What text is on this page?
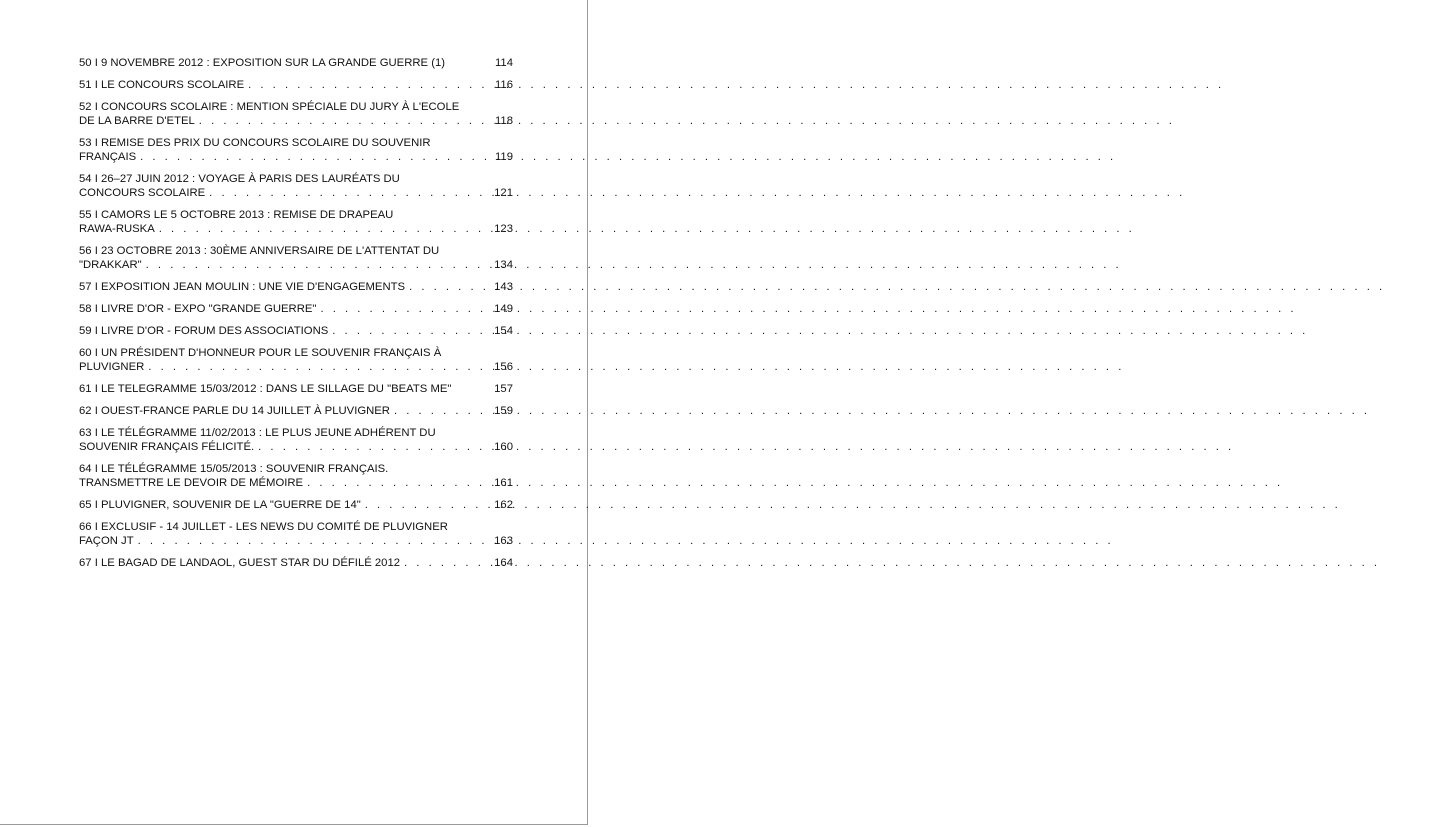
50 I 9 NOVEMBRE 2012 : EXPOSITION SUR LA GRANDE GUERRE (1)	114
51 I LE CONCOURS SCOLAIRE . . .	116
52 I CONCOURS SCOLAIRE : MENTION SPÉCIALE DU JURY À L'ECOLE
DE LA BARRE D'ETEL . . .	118
53 I REMISE DES PRIX DU CONCOURS SCOLAIRE DU SOUVENIR
FRANÇAIS . . .	119
54 I 26–27 JUIN 2012 : VOYAGE À PARIS DES LAURÉATS DU
CONCOURS SCOLAIRE . . .	121
55 I CAMORS LE 5 OCTOBRE 2013 : REMISE DE DRAPEAU
RAWA-RUSKA . . .	123
56 I 23 OCTOBRE 2013 : 30ÈME ANNIVERSAIRE DE L'ATTENTAT DU
"DRAKKAR" . . .	134
57 I EXPOSITION JEAN MOULIN : UNE VIE D'ENGAGEMENTS . . .	143
58 I LIVRE D'OR - EXPO "GRANDE GUERRE" . . .	149
59 I LIVRE D'OR - FORUM DES ASSOCIATIONS . . .	154
60 I UN PRÉSIDENT D'HONNEUR POUR LE SOUVENIR FRANÇAIS À
PLUVIGNER . . .	156
61 I LE TELEGRAMME 15/03/2012 : DANS LE SILLAGE DU "BEATS ME"	157
62 I OUEST-FRANCE PARLE DU 14 JUILLET À PLUVIGNER . . .	159
63 I LE TÉLÉGRAMME 11/02/2013 : LE PLUS JEUNE ADHÉRENT DU
SOUVENIR FRANÇAIS FÉLICITÉ. . . .	160
64 I LE TÉLÉGRAMME 15/05/2013 : SOUVENIR FRANÇAIS.
TRANSMETTRE LE DEVOIR DE MÉMOIRE . . .	161
65 I PLUVIGNER, SOUVENIR DE LA "GUERRE DE 14" . . .	162
66 I EXCLUSIF - 14 JUILLET - LES NEWS DU COMITÉ DE PLUVIGNER
FAÇON JT . . .	163
67 I LE BAGAD DE LANDAOL, GUEST STAR DU DÉFILÉ 2012 . . .	164
